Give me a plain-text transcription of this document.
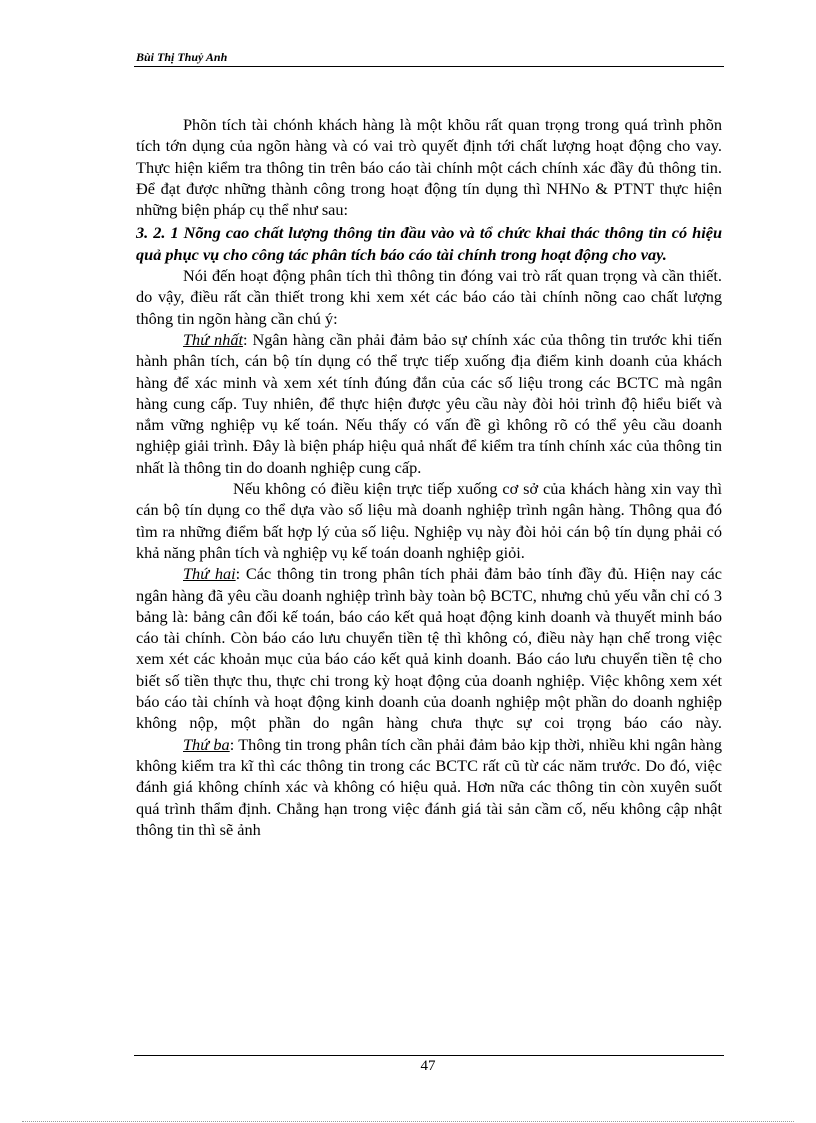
Bùi Thị Thuỷ Anh

Phõn tích tài chónh khách hàng là một khõu rất quan trọng trong quá trình phõn tích tớn dụng của ngõn hàng và có vai trò quyết định tới chất lượng hoạt động cho vay. Thực hiện kiểm tra thông tin trên báo cáo tài chính một cách chính xác đầy đủ thông tin. Để đạt được những thành công trong hoạt động tín dụng thì NHNo & PTNT thực hiện những biện pháp cụ thể như sau:

3. 2. 1 Nõng cao chất lượng thông tin đầu vào và tổ chức khai thác thông tin có hiệu quả phục vụ cho công tác phân tích báo cáo tài chính trong hoạt động cho vay.

Nói đến hoạt động phân tích thì thông tin đóng vai trò rất quan trọng và cần thiết. do vậy, điều rất cần thiết trong khi xem xét các báo cáo tài chính nõng cao chất lượng thông tin ngõn hàng cần chú ý:

Thứ nhất: Ngân hàng cần phải đảm bảo sự chính xác của thông tin trước khi tiến hành phân tích, cán bộ tín dụng có thể trực tiếp xuống địa điểm kinh doanh của khách hàng để xác minh và xem xét tính đúng đắn của các số liệu trong các BCTC mà ngân hàng cung cấp. Tuy nhiên, để thực hiện được yêu cầu này đòi hỏi trình độ hiểu biết và nắm vững nghiệp vụ kế toán. Nếu thấy có vấn đề gì không rõ có thể yêu cầu doanh nghiệp giải trình. Đây là biện pháp hiệu quả nhất để kiểm tra tính chính xác của thông tin nhất là thông tin do doanh nghiệp cung cấp.

Nếu không có điều kiện trực tiếp xuống cơ sở của khách hàng xin vay thì cán bộ tín dụng co thể dựa vào số liệu mà doanh nghiệp trình ngân hàng. Thông qua đó tìm ra những điểm bất hợp lý của số liệu. Nghiệp vụ này đòi hỏi cán bộ tín dụng phải có khả năng phân tích và nghiệp vụ kế toán doanh nghiệp giỏi.

Thứ hai: Các thông tin trong phân tích phải đảm bảo tính đầy đủ. Hiện nay các ngân hàng đã yêu cầu doanh nghiệp trình bày toàn bộ BCTC, nhưng chủ yếu vẫn chỉ có 3 bảng là: bảng cân đối kế toán, báo cáo kết quả hoạt động kinh doanh và thuyết minh báo cáo tài chính. Còn báo cáo lưu chuyển tiền tệ thì không có, điều này hạn chế trong việc xem xét các khoản mục của báo cáo kết quả kinh doanh. Báo cáo lưu chuyển tiền tệ cho biết số tiền thực thu, thực chi trong kỳ hoạt động của doanh nghiệp. Việc không xem xét báo cáo tài chính và hoạt động kinh doanh của doanh nghiệp một phần do doanh nghiệp không nộp, một phần do ngân hàng chưa thực sự coi trọng báo cáo này.

Thứ ba: Thông tin trong phân tích cần phải đảm bảo kịp thời, nhiều khi ngân hàng không kiểm tra kĩ thì các thông tin trong các BCTC rất cũ từ các năm trước. Do đó, việc đánh giá không chính xác và không có hiệu quả. Hơn nữa các thông tin còn xuyên suốt quá trình thẩm định. Chẳng hạn trong việc đánh giá tài sản cầm cố, nếu không cập nhật thông tin thì sẽ ảnh

47
